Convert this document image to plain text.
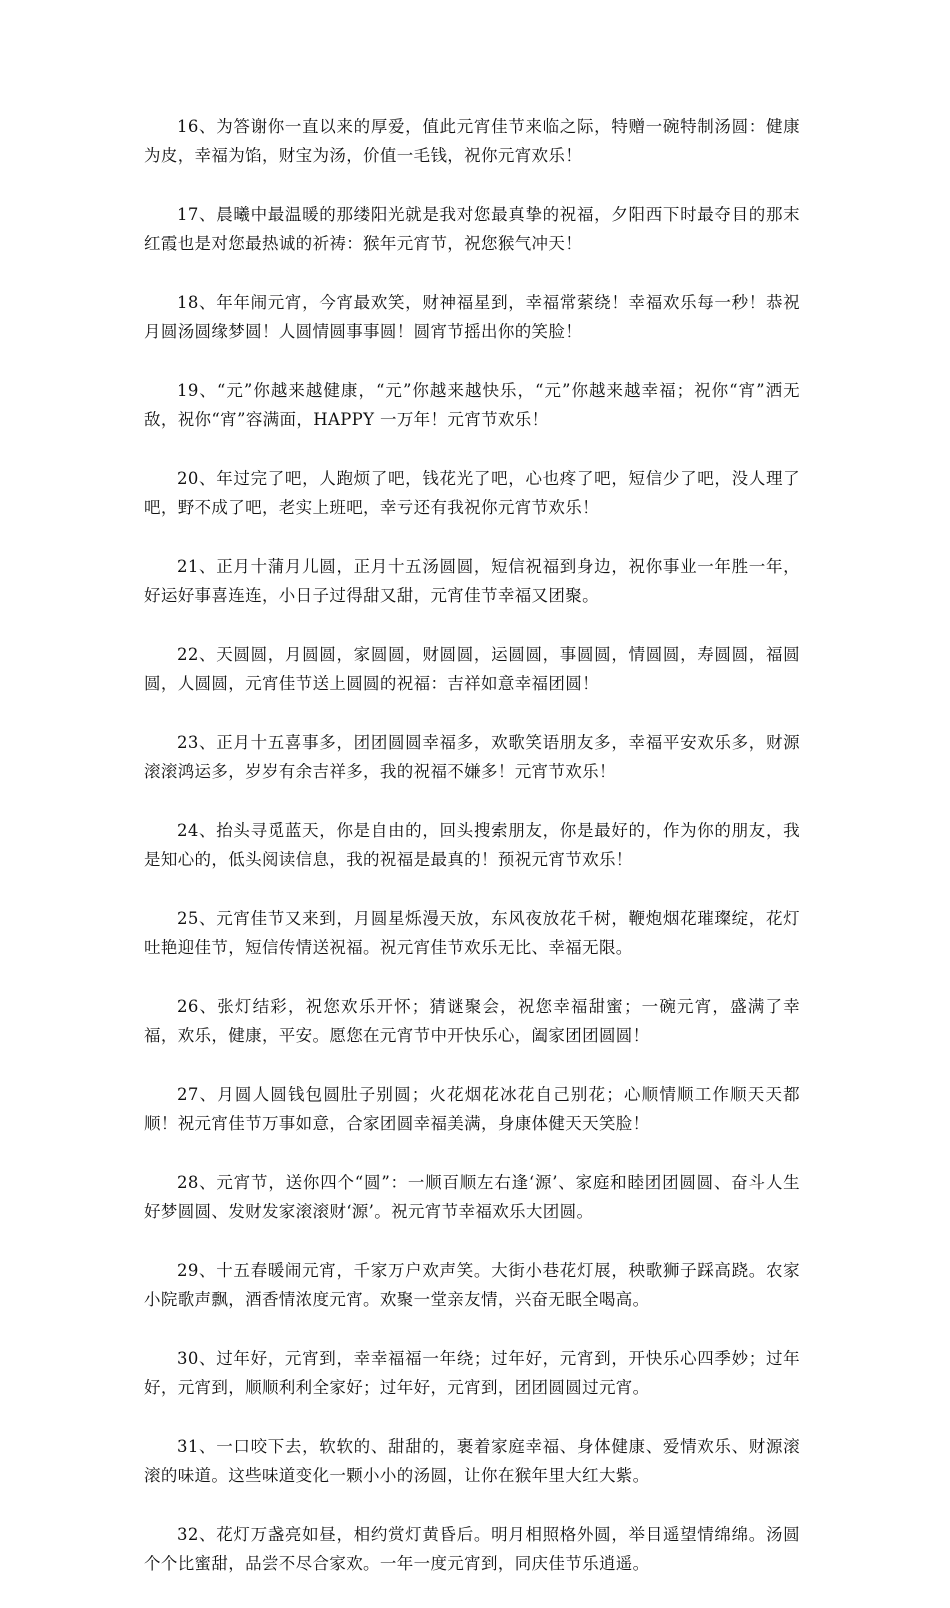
16、为答谢你一直以来的厚爱，值此元宵佳节来临之际，特赠一碗特制汤圆：健康为皮，幸福为馅，财宝为汤，价值一毛钱，祝你元宵欢乐！

17、晨曦中最温暖的那缕阳光就是我对您最真挚的祝福，夕阳西下时最夺目的那末红霞也是对您最热诚的祈祷：猴年元宵节，祝您猴气冲天！

18、年年闹元宵，今宵最欢笑，财神福星到，幸福常萦绕！幸福欢乐每一秒！恭祝月圆汤圆缘梦圆！人圆情圆事事圆！圆宵节摇出你的笑脸！

19、“元”你越来越健康，“元”你越来越快乐，“元”你越来越幸福；祝你“宵”洒无敌，祝你“宵”容满面，HAPPY 一万年！元宵节欢乐！

20、年过完了吧，人跑烦了吧，钱花光了吧，心也疼了吧，短信少了吧，没人理了吧，野不成了吧，老实上班吧，幸亏还有我祝你元宵节欢乐！

21、正月十蒲月儿圆，正月十五汤圆圆，短信祝福到身边，祝你事业一年胜一年，好运好事喜连连，小日子过得甜又甜，元宵佳节幸福又团聚。

22、天圆圆，月圆圆，家圆圆，财圆圆，运圆圆，事圆圆，情圆圆，寿圆圆，福圆圆，人圆圆，元宵佳节送上圆圆的祝福：吉祥如意幸福团圆！

23、正月十五喜事多，团团圆圆幸福多，欢歌笑语朋友多，幸福平安欢乐多，财源滚滚鸿运多，岁岁有余吉祥多，我的祝福不嫌多！元宵节欢乐！

24、抬头寻觅蓝天，你是自由的，回头搜索朋友，你是最好的，作为你的朋友，我是知心的，低头阅读信息，我的祝福是最真的！预祝元宵节欢乐！

25、元宵佳节又来到，月圆星烁漫天放，东风夜放花千树，鞭炮烟花璀璨绽，花灯吐艳迎佳节，短信传情送祝福。祝元宵佳节欢乐无比、幸福无限。

26、张灯结彩，祝您欢乐开怀；猜谜聚会，祝您幸福甜蜜；一碗元宵，盛满了幸福，欢乐，健康，平安。愿您在元宵节中开快乐心，阖家团团圆圆！

27、月圆人圆钱包圆肚子别圆；火花烟花冰花自己别花；心顺情顺工作顺天天都顺！祝元宵佳节万事如意，合家团圆幸福美满，身康体健天天笑脸！

28、元宵节，送你四个“圆”：一顺百顺左右逢‘源’、家庭和睦团团圆圆、奋斗人生好梦圆圆、发财发家滚滚财‘源’。祝元宵节幸福欢乐大团圆。

29、十五春暖闹元宵，千家万户欢声笑。大街小巷花灯展，秧歌狮子踩高跷。农家小院歌声飘，酒香情浓度元宵。欢聚一堂亲友情，兴奋无眠全喝高。

30、过年好，元宵到，幸幸福福一年绕；过年好，元宵到，开快乐心四季妙；过年好，元宵到，顺顺利利全家好；过年好，元宵到，团团圆圆过元宵。

31、一口咬下去，软软的、甜甜的，裹着家庭幸福、身体健康、爱情欢乐、财源滚滚的味道。这些味道变化一颗小小的汤圆，让你在猴年里大红大紫。

32、花灯万盏亮如昼，相约赏灯黄昏后。明月相照格外圆，举目遥望情绵绵。汤圆个个比蜜甜，品尝不尽合家欢。一年一度元宵到，同庆佳节乐逍遥。
